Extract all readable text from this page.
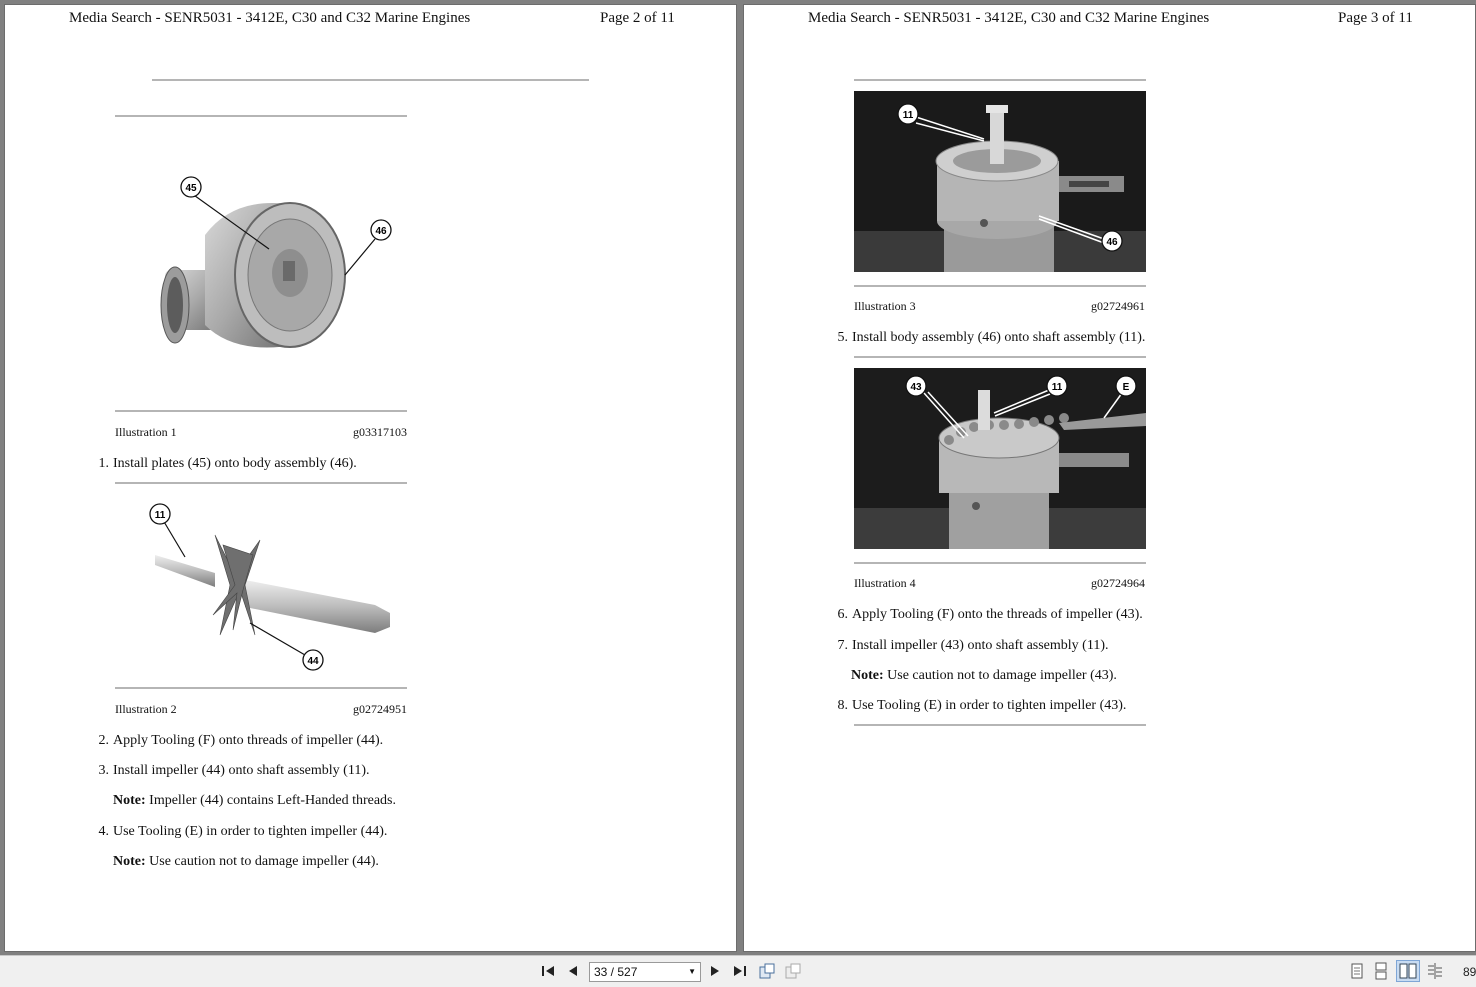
Media Search - SENR5031 - 3412E, C30 and C32 Marine Engines	Page 2 of 11
45
46
Illustration 1	g03317103
1. Install plates (45) onto body assembly (46).
11
44
Illustration 2	g02724951
2. Apply Tooling (F) onto threads of impeller (44).
3. Install impeller (44) onto shaft assembly (11).
Note: Impeller (44) contains Left-Handed threads.
4. Use Tooling (E) in order to tighten impeller (44).
Note: Use caution not to damage impeller (44).
Media Search - SENR5031 - 3412E, C30 and C32 Marine Engines	Page 3 of 11
11
46
Illustration 3	g02724961
5. Install body assembly (46) onto shaft assembly (11).
43	11	E
Illustration 4	g02724964
6. Apply Tooling (F) onto the threads of impeller (43).
7. Install impeller (43) onto shaft assembly (11).
Note: Use caution not to damage impeller (43).
8. Use Tooling (E) in order to tighten impeller (43).
33 / 527	▼	89
